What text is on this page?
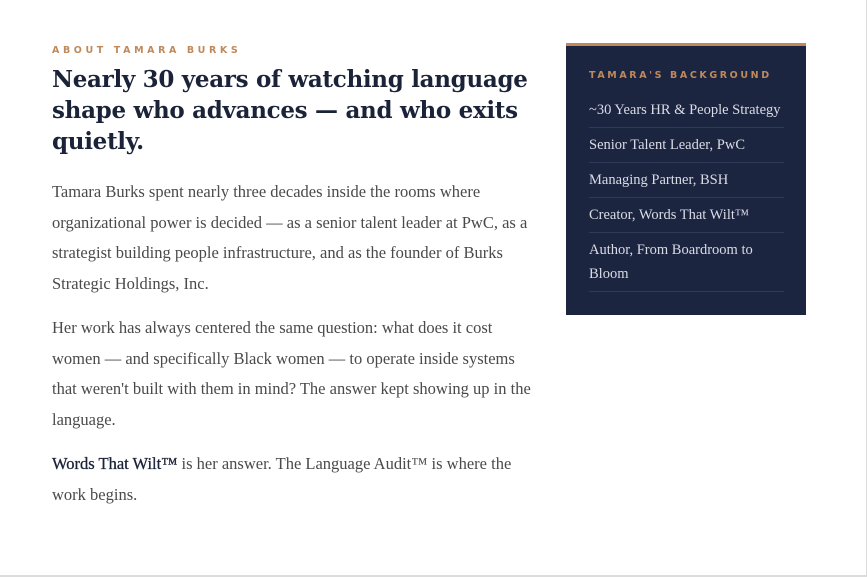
ABOUT TAMARA BURKS

Nearly 30 years of watching language shape who advances — and who exits quietly.

Tamara Burks spent nearly three decades inside the rooms where organizational power is decided — as a senior talent leader at PwC, as a strategist building people infrastructure, and as the founder of Burks Strategic Holdings, Inc.

Her work has always centered the same question: what does it cost women — and specifically Black women — to operate inside systems that weren't built with them in mind? The answer kept showing up in the language.

Words That Wilt™ is her answer. The Language Audit™ is where the work begins.

TAMARA'S BACKGROUND

~30 Years HR & People Strategy
Senior Talent Leader, PwC
Managing Partner, BSH
Creator, Words That Wilt™
Author, From Boardroom to Bloom
